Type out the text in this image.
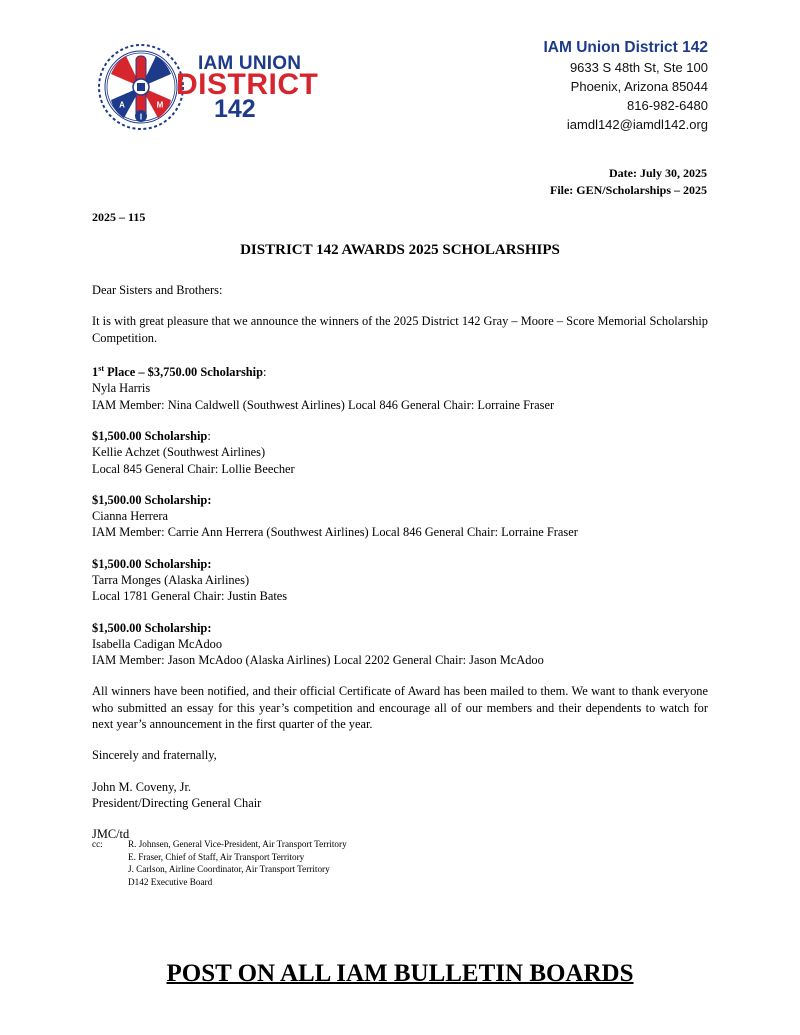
I
A	M
IAM UNION
DISTRICT
142
IAM Union District 142
9633 S 48th St, Ste 100
Phoenix, Arizona 85044
816-982-6480
iamdl142@iamdl142.org
Date: July 30, 2025
File: GEN/Scholarships – 2025
2025 – 115
DISTRICT 142 AWARDS 2025 SCHOLARSHIPS

Dear Sisters and Brothers:

It is with great pleasure that we announce the winners of the 2025 District 142 Gray – Moore – Score Memorial Scholarship Competition.

1st Place – $3,750.00 Scholarship:
Nyla Harris
IAM Member: Nina Caldwell (Southwest Airlines) Local 846 General Chair: Lorraine Fraser

$1,500.00 Scholarship:
Kellie Achzet (Southwest Airlines)
Local 845 General Chair: Lollie Beecher

$1,500.00 Scholarship:
Cianna Herrera
IAM Member: Carrie Ann Herrera (Southwest Airlines) Local 846 General Chair: Lorraine Fraser

$1,500.00 Scholarship:
Tarra Monges (Alaska Airlines)
Local 1781 General Chair: Justin Bates

$1,500.00 Scholarship:
Isabella Cadigan McAdoo
IAM Member: Jason McAdoo (Alaska Airlines) Local 2202 General Chair: Jason McAdoo

All winners have been notified, and their official Certificate of Award has been mailed to them. We want to thank everyone who submitted an essay for this year’s competition and encourage all of our members and their dependents to watch for next year’s announcement in the first quarter of the year.

Sincerely and fraternally,

John M. Coveny, Jr.
President/Directing General Chair

JMC/td

cc:	R. Johnsen, General Vice-President, Air Transport Territory
E. Fraser, Chief of Staff, Air Transport Territory
J. Carlson, Airline Coordinator, Air Transport Territory
D142 Executive Board
POST ON ALL IAM BULLETIN BOARDS
